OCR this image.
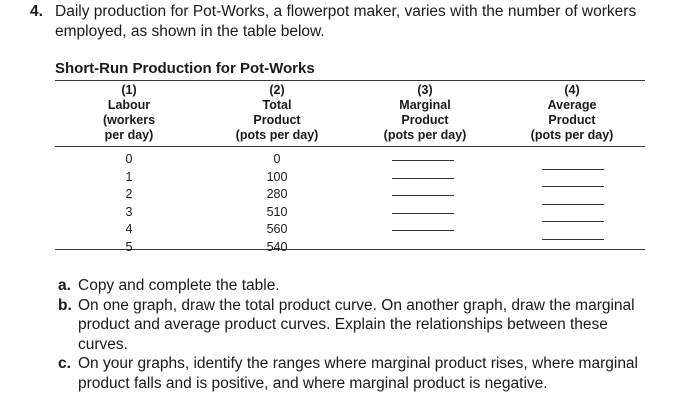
4. Daily production for Pot-Works, a flowerpot maker, varies with the number of workers employed, as shown in the table below.
Short-Run Production for Pot-Works
(1)
Labour
(workers
per day)
(2)
Total
Product
(pots per day)
(3)
Marginal
Product
(pots per day)
(4)
Average
Product
(pots per day)
0
1
2
3
4
5
0
100
280
510
560
540
a. Copy and complete the table.
b. On one graph, draw the total product curve. On another graph, draw the marginal product and average product curves. Explain the relationships between these curves.
c. On your graphs, identify the ranges where marginal product rises, where marginal product falls and is positive, and where marginal product is negative.
